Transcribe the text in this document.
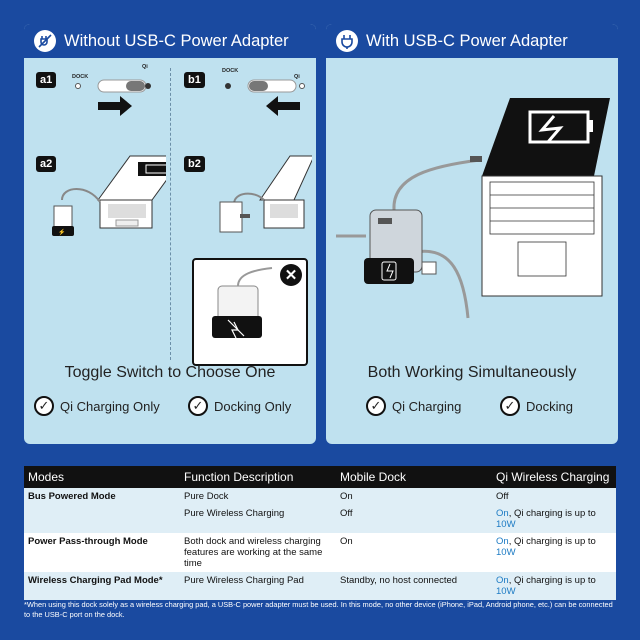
Without USB-C Power Adapter
a1	DOCK
Qi
b1
DOCK
Qi
a2
⚡
b2
✕
Toggle Switch to Choose One
✓ Qi Charging Only	✓ Docking Only
With USB-C Power Adapter
Both Working Simultaneously
✓ Qi Charging	✓ Docking
Modes	Function Description	Mobile Dock	Qi Wireless Charging
Bus Powered Mode	Pure Dock	On	Off
	Pure Wireless Charging	Off	On, Qi charging is up to 10W
Power Pass-through Mode	Both dock and wireless charging features are working at the same time	On	On, Qi charging is up to 10W
Wireless Charging Pad Mode*	Pure Wireless Charging Pad	Standby, no host connected	On, Qi charging is up to 10W
*When using this dock solely as a wireless charging pad, a USB-C power adapter must be used. In this mode, no other device (iPhone, iPad, Android phone, etc.) can be connected to the USB-C port on the dock.
